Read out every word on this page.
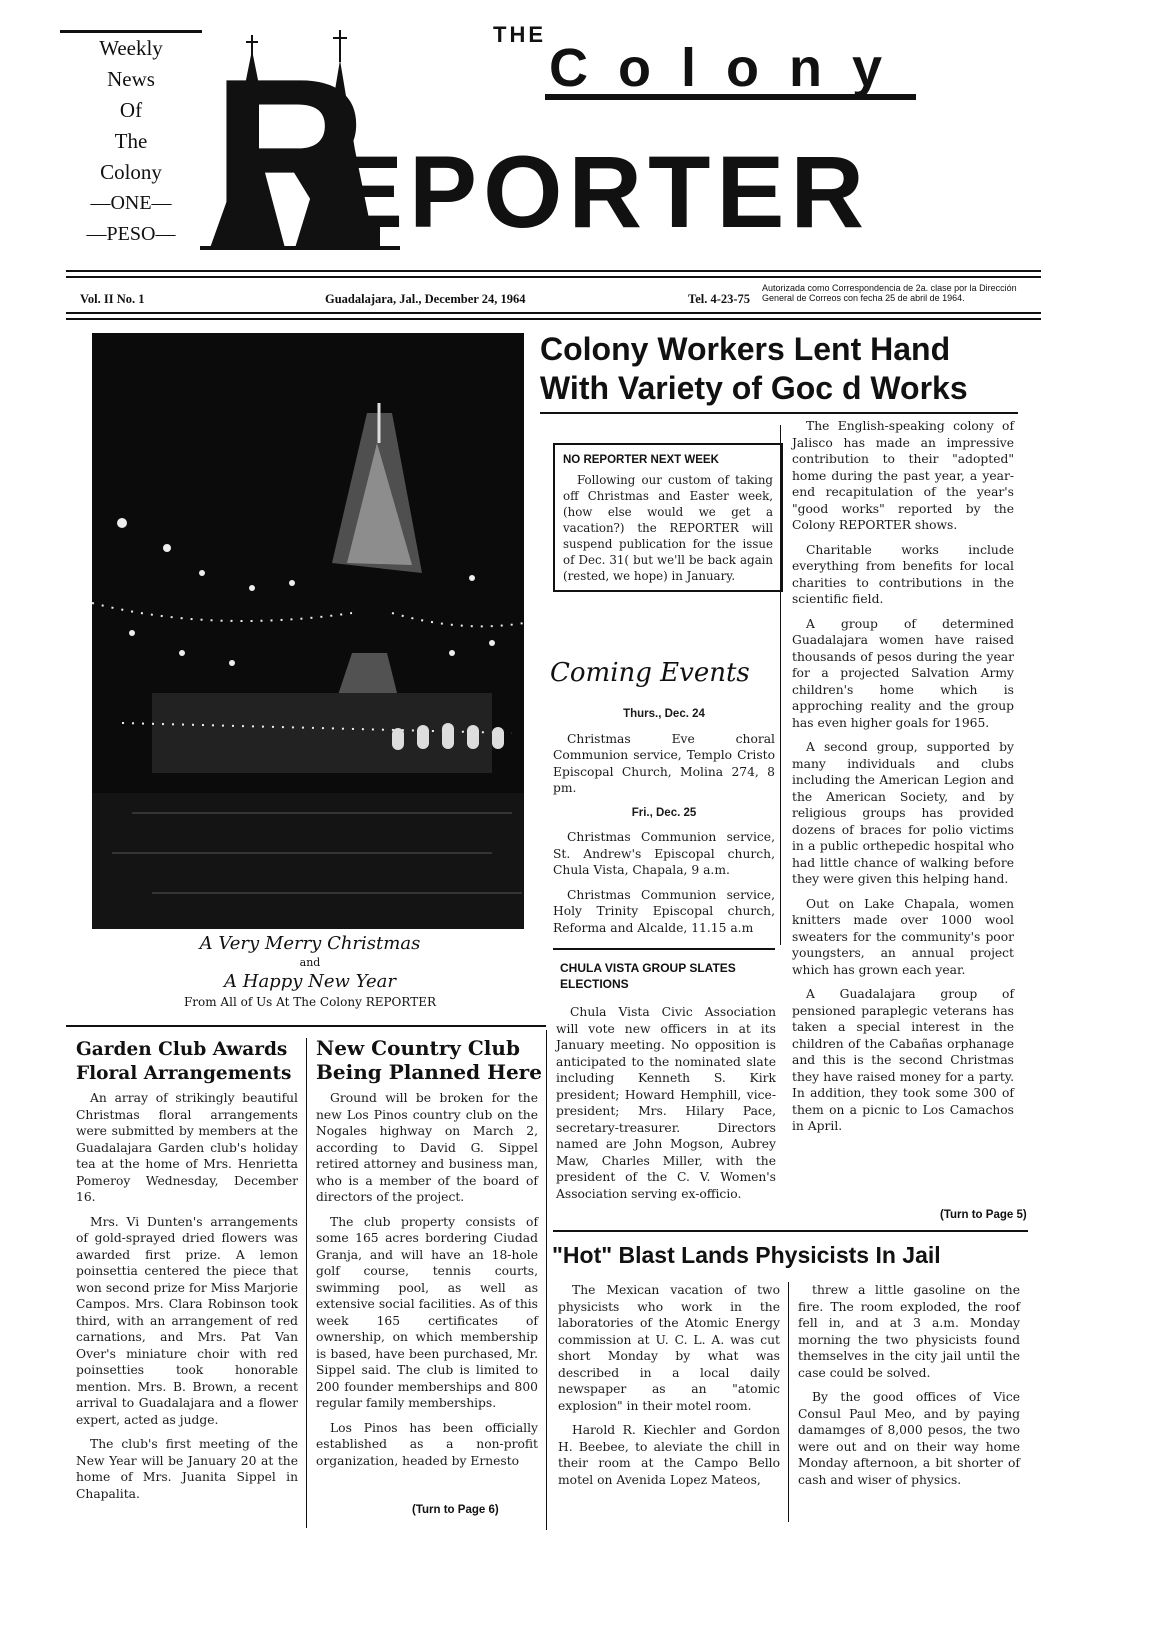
Weekly
News
Of
The
Colony
—ONE—
—PESO— R	THE
Colony
EPORTER
Vol. II No. 1	Guadalajara, Jal., December 24, 1964	Tel. 4-23-75
Autorizada como Correspondencia de 2a. clase por la Dirección General de Correos con fecha 25 de abril de 1964.
A Very Merry Christmas
and
A Happy New Year
From All of Us At The Colony REPORTER
Colony Workers Lent Hand With Variety of Goc d Works
NO REPORTER NEXT WEEK

Following our custom of taking off Christmas and Easter week, (how else would we get a vacation?) the REPORTER will suspend publication for the issue of Dec. 31( but we'll be back again (rested, we hope) in January.

Coming Events
Thurs., Dec. 24

Christmas Eve choral Communion service, Templo Cristo Episcopal Church, Molina 274, 8 pm.

Fri., Dec. 25

Christmas Communion service, St. Andrew's Episcopal church, Chula Vista, Chapala, 9 a.m.

Christmas Communion service, Holy Trinity Episcopal church, Reforma and Alcalde, 11.15 a.m

CHULA VISTA GROUP SLATES ELECTIONS

Chula Vista Civic Association will vote new officers in at its January meeting. No opposition is anticipated to the nominated slate including Kenneth S. Kirk president; Howard Hemphill, vice-president; Mrs. Hilary Pace, secretary-treasurer. Directors named are John Mogson, Aubrey Maw, Charles Miller, with the president of the C. V. Women's Association serving ex-officio.

The English-speaking colony of Jalisco has made an impressive contribution to their "adopted" home during the past year, a year-end recapitulation of the year's "good works" reported by the Colony REPORTER shows.

Charitable works include everything from benefits for local charities to contributions in the scientific field.

A group of determined Guadalajara women have raised thousands of pesos during the year for a projected Salvation Army children's home which is approching reality and the group has even higher goals for 1965.

A second group, supported by many individuals and clubs including the American Legion and the American Society, and by religious groups has provided dozens of braces for polio victims in a public orthepedic hospital who had little chance of walking before they were given this helping hand.

Out on Lake Chapala, women knitters made over 1000 wool sweaters for the community's poor youngsters, an annual project which has grown each year.

A Guadalajara group of pensioned paraplegic veterans has taken a special interest in the children of the Cabañas orphanage and this is the second Christmas they have raised money for a party. In addition, they took some 300 of them on a picnic to Los Camachos in April.

(Turn to Page 5)
Garden Club Awards Floral Arrangements

An array of strikingly beautiful Christmas floral arrangements were submitted by members at the Guadalajara Garden club's holiday tea at the home of Mrs. Henrietta Pomeroy Wednesday, December 16.

Mrs. Vi Dunten's arrangements of gold-sprayed dried flowers was awarded first prize. A lemon poinsettia centered the piece that won second prize for Miss Marjorie Campos. Mrs. Clara Robinson took third, with an arrangement of red carnations, and Mrs. Pat Van Over's miniature choir with red poinsetties took honorable mention. Mrs. B. Brown, a recent arrival to Guadalajara and a flower expert, acted as judge.

The club's first meeting of the New Year will be January 20 at the home of Mrs. Juanita Sippel in Chapalita.

New Country Club Being Planned Here

Ground will be broken for the new Los Pinos country club on the Nogales highway on March 2, according to David G. Sippel retired attorney and business man, who is a member of the board of directors of the project.

The club property consists of some 165 acres bordering Ciudad Granja, and will have an 18-hole golf course, tennis courts, swimming pool, as well as extensive social facilities. As of this week 165 certificates of ownership, on which membership is based, have been purchased, Mr. Sippel said. The club is limited to 200 founder memberships and 800 regular family memberships.

Los Pinos has been officially established as a non-profit organization, headed by Ernesto

(Turn to Page 6)
"Hot" Blast Lands Physicists In Jail

The Mexican vacation of two physicists who work in the laboratories of the Atomic Energy commission at U. C. L. A. was cut short Monday by what was described in a local daily newspaper as an "atomic explosion" in their motel room.

Harold R. Kiechler and Gordon H. Beebee, to aleviate the chill in their room at the Campo Bello motel on Avenida Lopez Mateos,

threw a little gasoline on the fire. The room exploded, the roof fell in, and at 3 a.m. Monday morning the two physicists found themselves in the city jail until the case could be solved.

By the good offices of Vice Consul Paul Meo, and by paying damamges of 8,000 pesos, the two were out and on their way home Monday afternoon, a bit shorter of cash and wiser of physics.
